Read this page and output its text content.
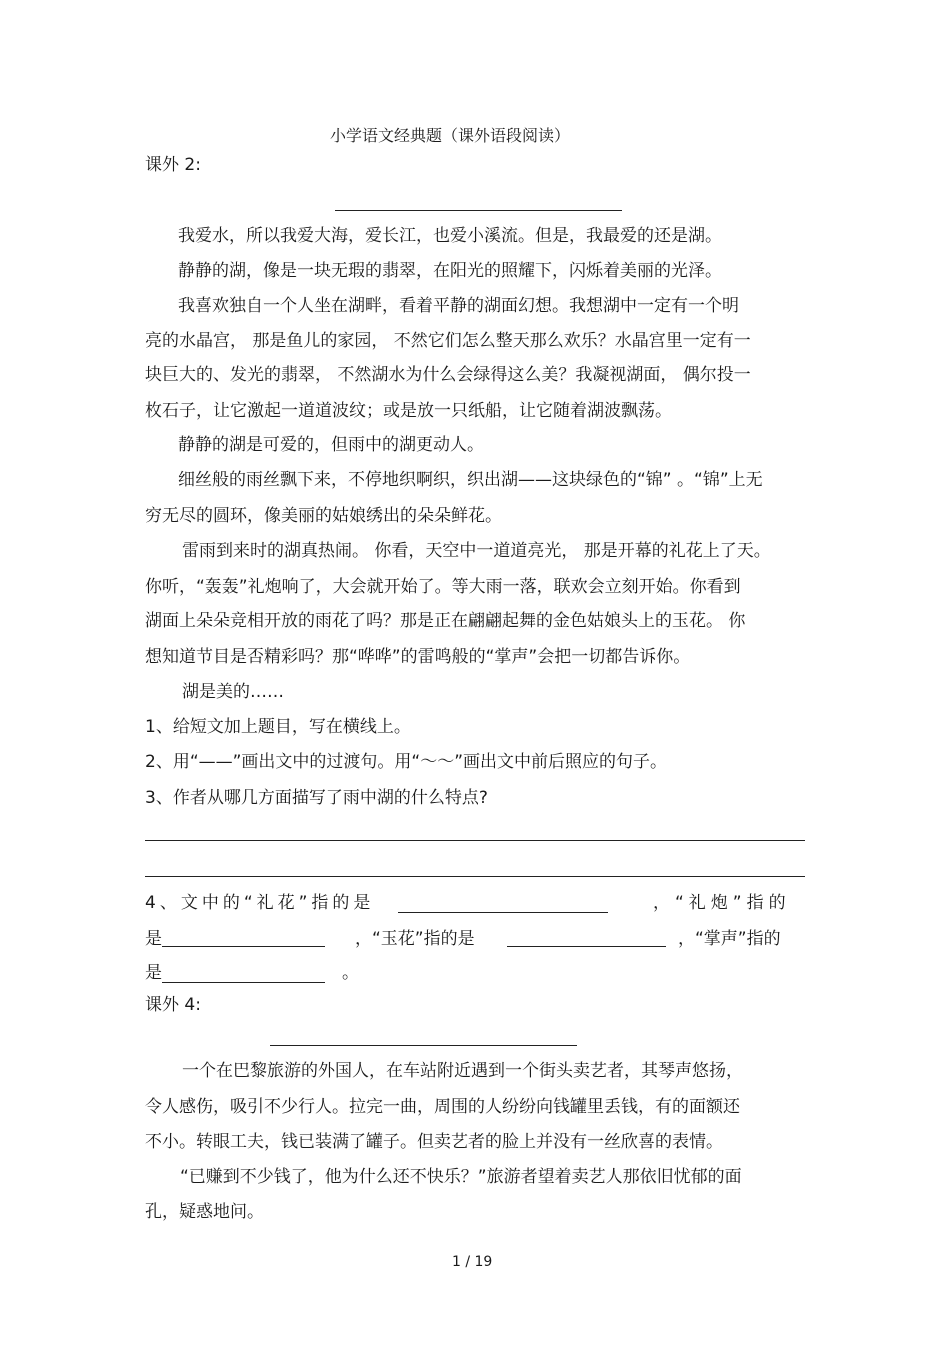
小学语文经典题（课外语段阅读）
课外 2:
我爱水，所以我爱大海，爱长江，也爱小溪流。但是，我最爱的还是湖。
静静的湖，像是一块无瑕的翡翠，在阳光的照耀下，闪烁着美丽的光泽。
我喜欢独自一个人坐在湖畔，看着平静的湖面幻想。我想湖中一定有一个明
亮的水晶宫， 那是鱼儿的家园， 不然它们怎么整天那么欢乐？水晶宫里一定有一
块巨大的、发光的翡翠， 不然湖水为什么会绿得这么美？我凝视湖面， 偶尔投一
枚石子，让它激起一道道波纹；或是放一只纸船，让它随着湖波飘荡。
静静的湖是可爱的，但雨中的湖更动人。
细丝般的雨丝飘下来，不停地织啊织，织出湖——这块绿色的“锦” 。“锦”上无
穷无尽的圆环，像美丽的姑娘绣出的朵朵鲜花。
雷雨到来时的湖真热闹。 你看，天空中一道道亮光， 那是开幕的礼花上了天。
你听，“轰轰”礼炮响了，大会就开始了。等大雨一落，联欢会立刻开始。你看到
湖面上朵朵竞相开放的雨花了吗？那是正在翩翩起舞的金色姑娘头上的玉花。 你
想知道节目是否精彩吗？那“哗哗”的雷鸣般的“掌声”会把一切都告诉你。
湖是美的……
1、给短文加上题目，写在横线上。
2、用“——”画出文中的过渡句。用“～～”画出文中前后照应的句子。
3、作者从哪几方面描写了雨中湖的什么特点?
4、文中的“礼花”指的是	，“礼炮”指的
是	，“玉花”指的是	，“掌声”指的
是	。
课外 4:
一个在巴黎旅游的外国人，在车站附近遇到一个街头卖艺者，其琴声悠扬，
令人感伤，吸引不少行人。拉完一曲，周围的人纷纷向钱罐里丢钱，有的面额还
不小。转眼工夫，钱已装满了罐子。但卖艺者的脸上并没有一丝欣喜的表情。
“已赚到不少钱了，他为什么还不快乐？”旅游者望着卖艺人那依旧忧郁的面
孔，疑惑地问。
1 / 19
